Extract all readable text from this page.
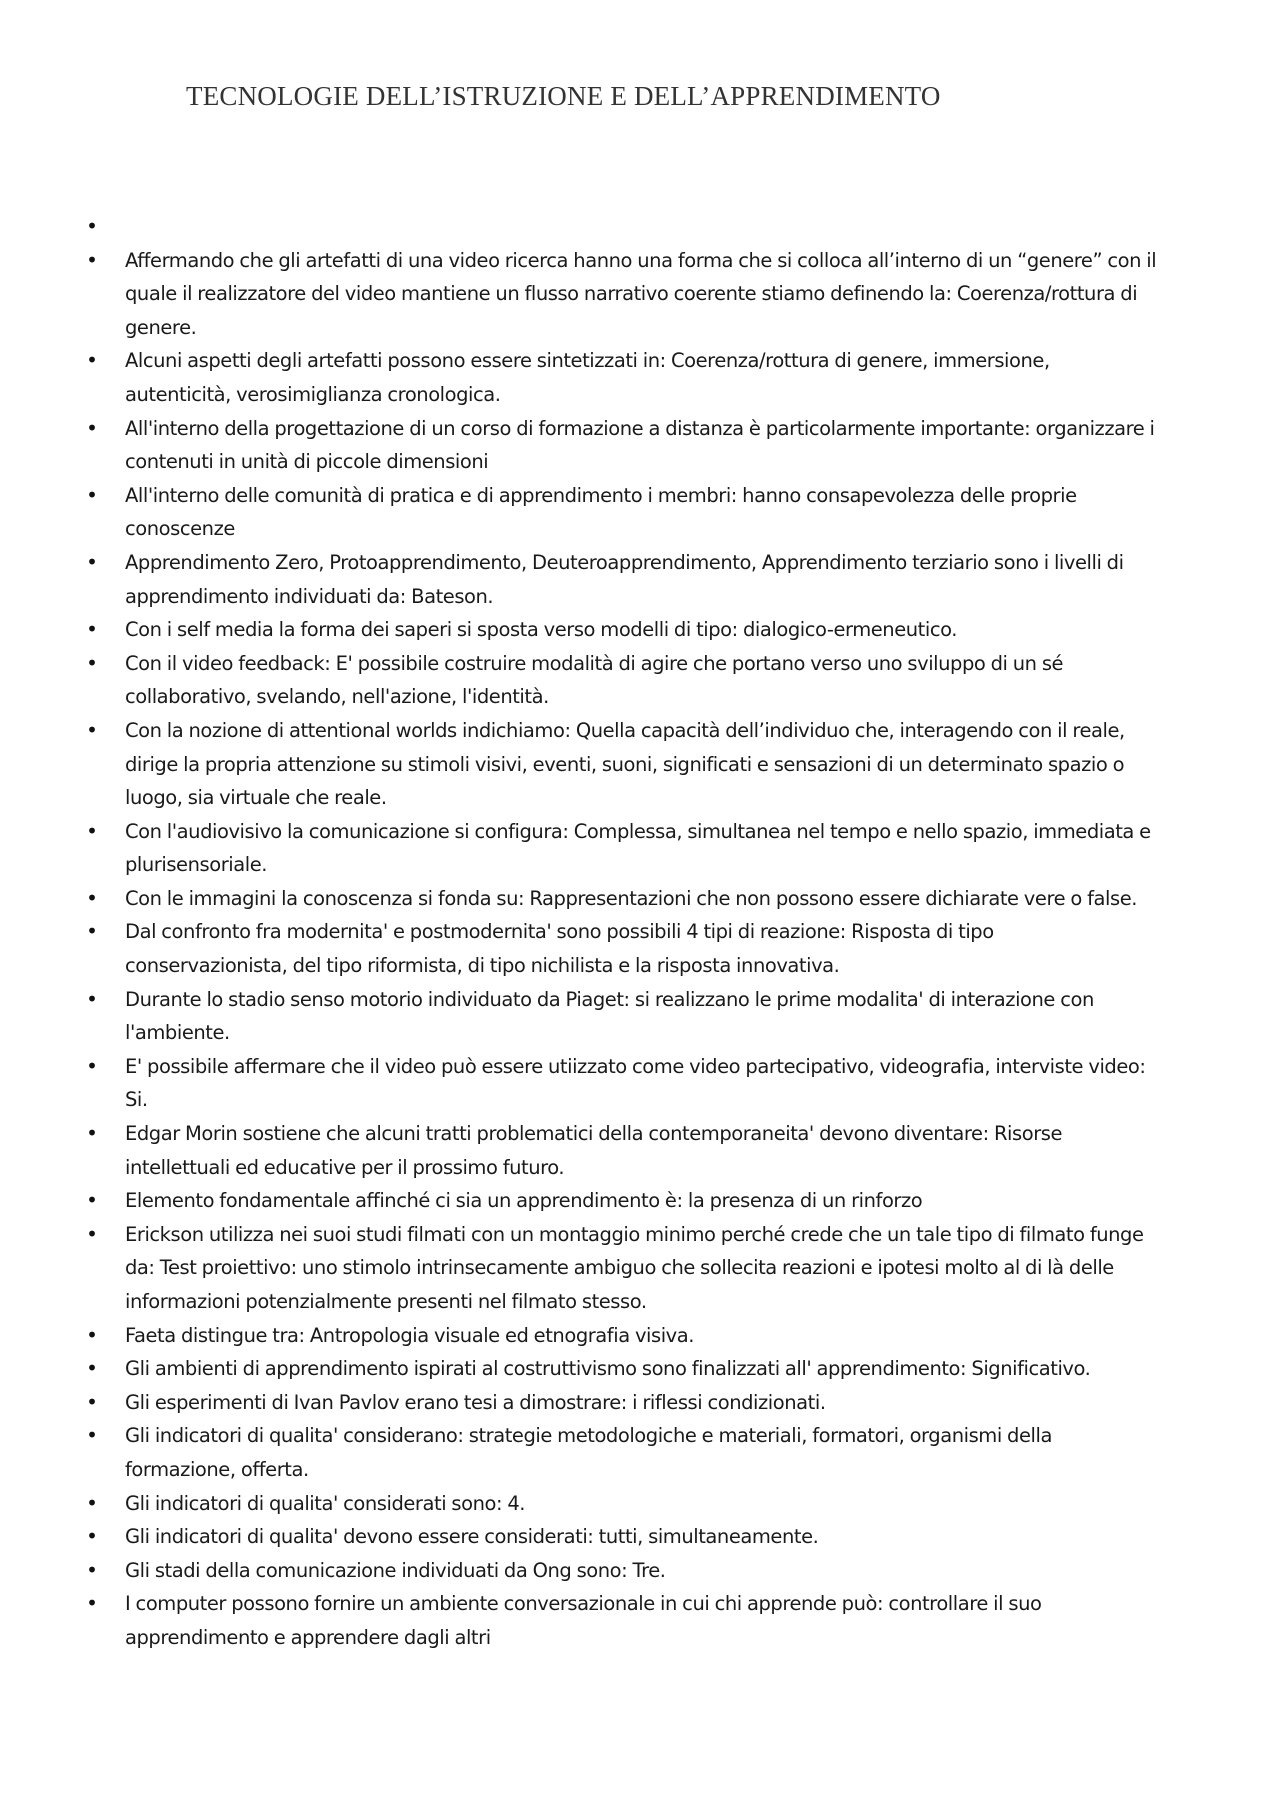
TECNOLOGIE DELL’ISTRUZIONE E DELL’APPRENDIMENTO
•
• Affermando che gli artefatti di una video ricerca hanno una forma che si colloca all’interno di un “genere” con il quale il realizzatore del video mantiene un flusso narrativo coerente stiamo definendo la: Coerenza/rottura di genere.
• Alcuni aspetti degli artefatti possono essere sintetizzati in: Coerenza/rottura di genere, immersione, autenticità, verosimiglianza cronologica.
• All'interno della progettazione di un corso di formazione a distanza è particolarmente importante: organizzare i contenuti in unità di piccole dimensioni
• All'interno delle comunità di pratica e di apprendimento i membri: hanno consapevolezza delle proprie conoscenze
• Apprendimento Zero, Protoapprendimento, Deuteroapprendimento, Apprendimento terziario sono i livelli di apprendimento individuati da: Bateson.
• Con i self media la forma dei saperi si sposta verso modelli di tipo: dialogico-ermeneutico.
• Con il video feedback: E' possibile costruire modalità di agire che portano verso uno sviluppo di un sé collaborativo, svelando, nell'azione, l'identità.
• Con la nozione di attentional worlds indichiamo: Quella capacità dell’individuo che, interagendo con il reale, dirige la propria attenzione su stimoli visivi, eventi, suoni, significati e sensazioni di un determinato spazio o luogo, sia virtuale che reale.
• Con l'audiovisivo la comunicazione si configura: Complessa, simultanea nel tempo e nello spazio, immediata e plurisensoriale.
• Con le immagini la conoscenza si fonda su: Rappresentazioni che non possono essere dichiarate vere o false.
• Dal confronto fra modernita' e postmodernita' sono possibili 4 tipi di reazione: Risposta di tipo conservazionista, del tipo riformista, di tipo nichilista e la risposta innovativa.
• Durante lo stadio senso motorio individuato da Piaget: si realizzano le prime modalita' di interazione con l'ambiente.
• E' possibile affermare che il video può essere utiizzato come video partecipativo, videografia, interviste video: Si.
• Edgar Morin sostiene che alcuni tratti problematici della contemporaneita' devono diventare: Risorse intellettuali ed educative per il prossimo futuro.
• Elemento fondamentale affinché ci sia un apprendimento è: la presenza di un rinforzo
• Erickson utilizza nei suoi studi filmati con un montaggio minimo perché crede che un tale tipo di filmato funge da: Test proiettivo: uno stimolo intrinsecamente ambiguo che sollecita reazioni e ipotesi molto al di là delle informazioni potenzialmente presenti nel filmato stesso.
• Faeta distingue tra: Antropologia visuale ed etnografia visiva.
• Gli ambienti di apprendimento ispirati al costruttivismo sono finalizzati all' apprendimento: Significativo.
• Gli esperimenti di Ivan Pavlov erano tesi a dimostrare: i riflessi condizionati.
• Gli indicatori di qualita' considerano: strategie metodologiche e materiali, formatori, organismi della formazione, offerta.
• Gli indicatori di qualita' considerati sono: 4.
• Gli indicatori di qualita' devono essere considerati: tutti, simultaneamente.
• Gli stadi della comunicazione individuati da Ong sono: Tre.
• I computer possono fornire un ambiente conversazionale in cui chi apprende può: controllare il suo apprendimento e apprendere dagli altri
